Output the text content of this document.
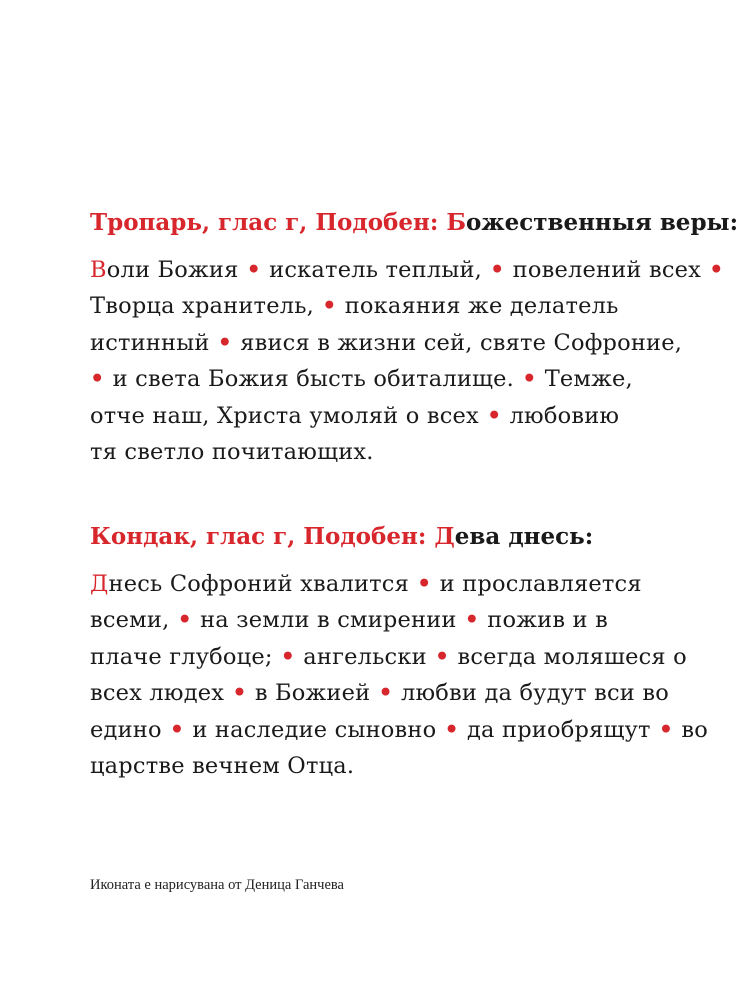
Тропарь, глас г, Подобен: Божественныя веры:
Воли Божия • искатель теплый, • повелений всех •
Творца хранитель, • покаяния же делатель
истинный • явися в жизни сей, святе Софроние,
• и света Божия бысть обиталище. • Темже,
отче наш, Христа умоляй о всех • любовию
тя светло почитающих.
Кондак, глас г, Подобен: Дева днесь:
Днесь Софроний хвалится • и прославляется
всеми, • на земли в смирении • пожив и в
плаче глубоце; • ангельски • всегда моляшеся о
всех людех • в Божией • любви да будут вси во
едино • и наследие сыновно • да приобрящут • во
царстве вечнем Отца.
Иконата е нарисувана от Деница Ганчева
